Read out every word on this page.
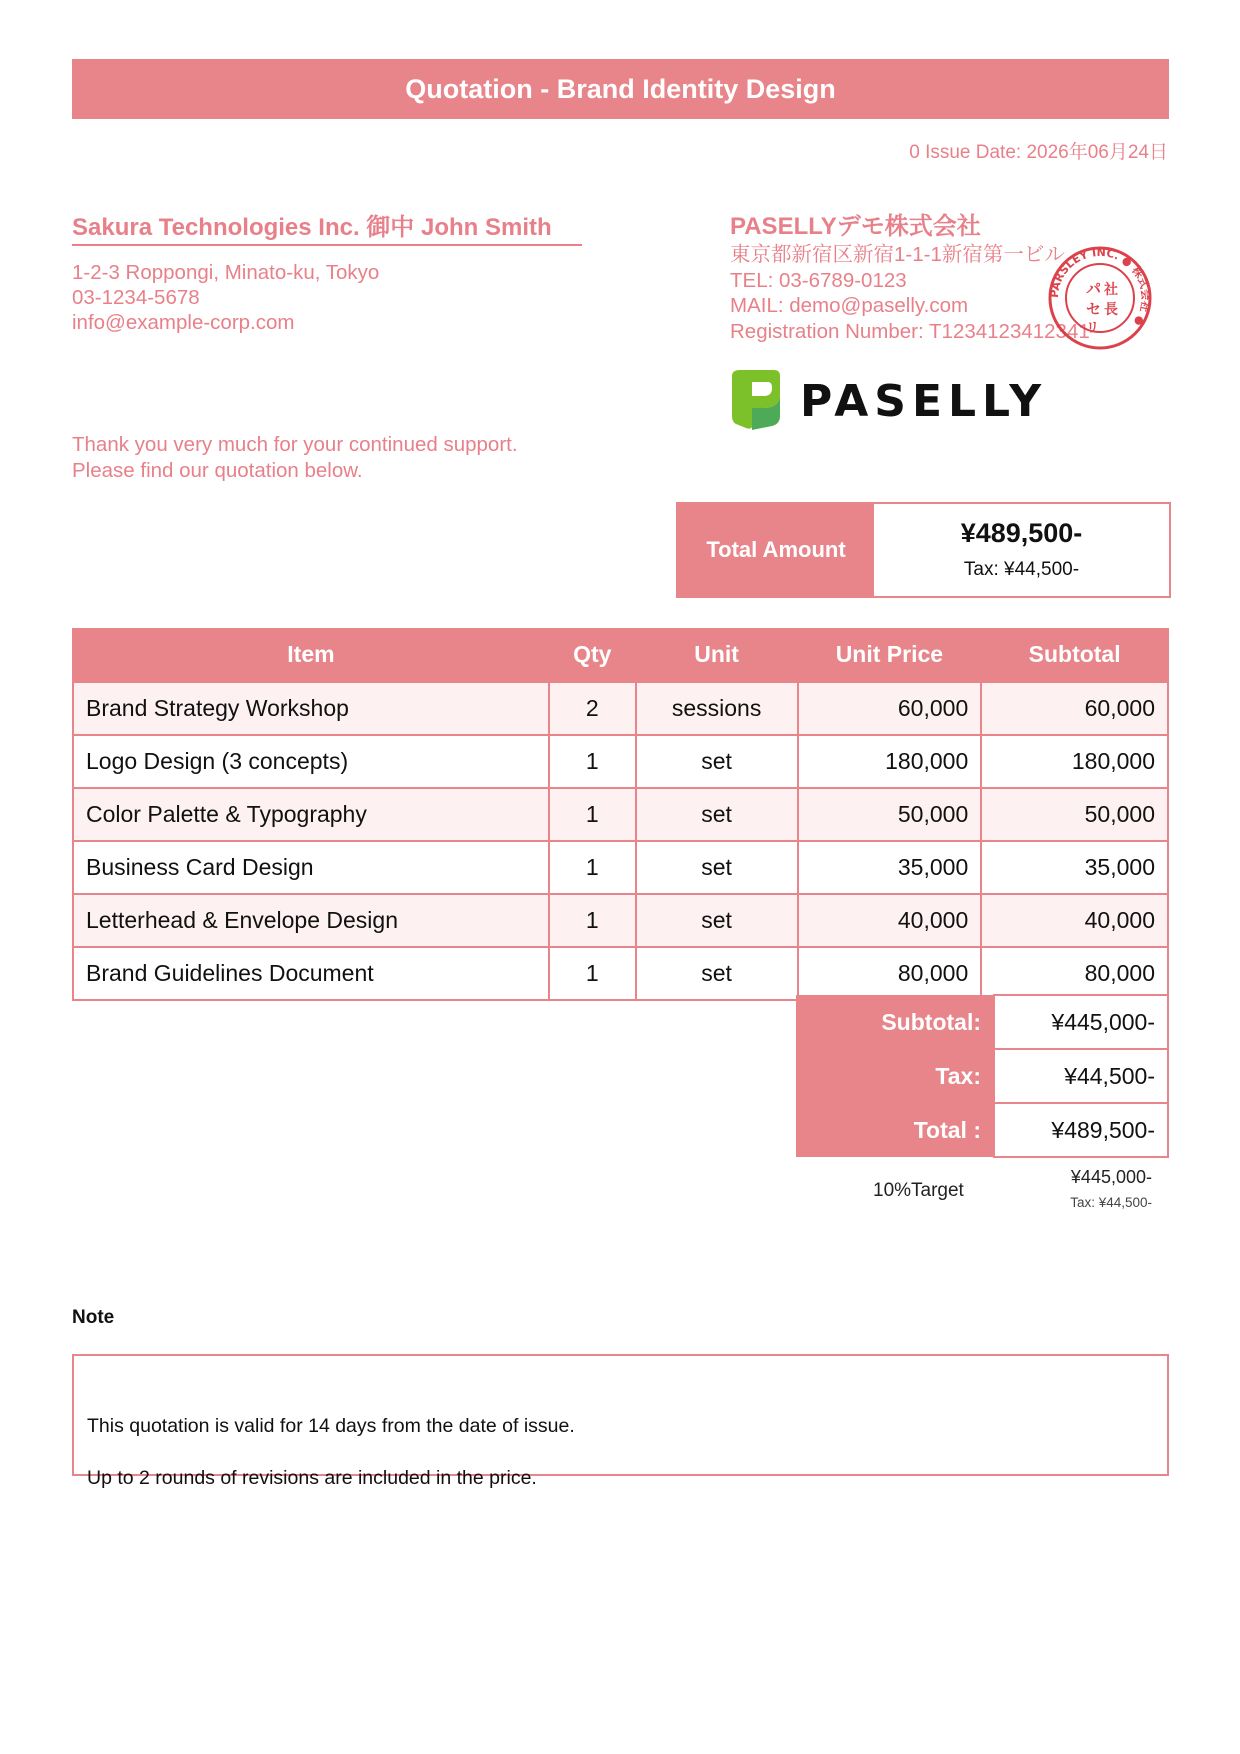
Quotation - Brand Identity Design
0 Issue Date: 2026年06月24日
Sakura Technologies Inc. 御中 John Smith
1-2-3 Roppongi, Minato-ku, Tokyo
03-1234-5678
info@example-corp.com
Thank you very much for your continued support.
Please find our quotation below.
PASELLYデモ株式会社
東京都新宿区新宿1-1-1新宿第一ビル
TEL: 03-6789-0123
MAIL: demo@paselly.com
Registration Number: T1234123412341
PARSLEY INC. ● 株式会社 ●
パ
セ
リ
社
長
PASELLY
Total Amount
¥489,500-
Tax: ¥44,500-
Item	Qty	Unit	Unit Price	Subtotal
Brand Strategy Workshop	2	sessions	60,000	60,000
Logo Design (3 concepts)	1	set	180,000	180,000
Color Palette & Typography	1	set	50,000	50,000
Business Card Design	1	set	35,000	35,000
Letterhead & Envelope Design	1	set	40,000	40,000
Brand Guidelines Document	1	set	80,000	80,000
Subtotal:	¥445,000-
Tax:	¥44,500-
Total :	¥489,500-
10%Target
¥445,000-
Tax: ¥44,500-
Note

This quotation is valid for 14 days from the date of issue.

Up to 2 rounds of revisions are included in the price.
